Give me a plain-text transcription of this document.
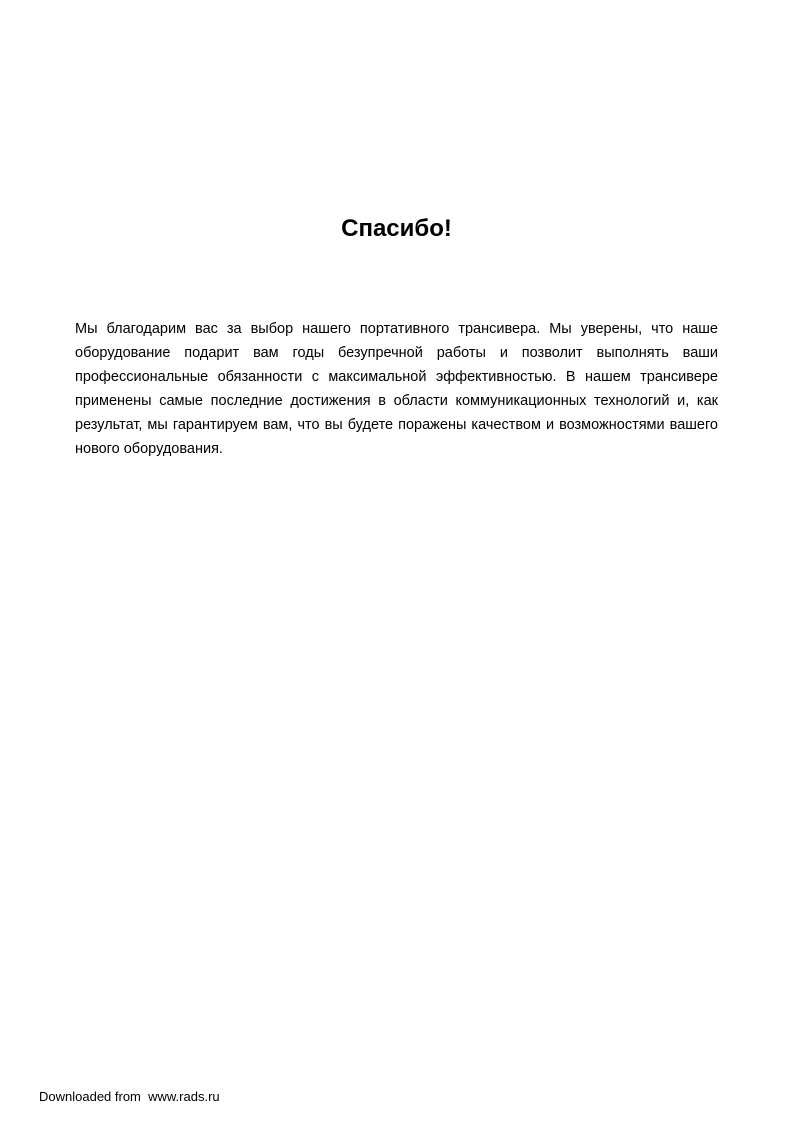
Спасибо!

Мы благодарим вас за выбор нашего портативного трансивера. Мы уверены, что наше оборудование подарит вам годы безупречной работы и позволит выполнять ваши профессиональные обязанности с максимальной эффективностью. В нашем трансивере применены самые последние достижения в области коммуникационных технологий и, как результат, мы гарантируем вам, что вы будете поражены качеством и возможностями вашего нового оборудования.

Downloaded from  www.rads.ru
